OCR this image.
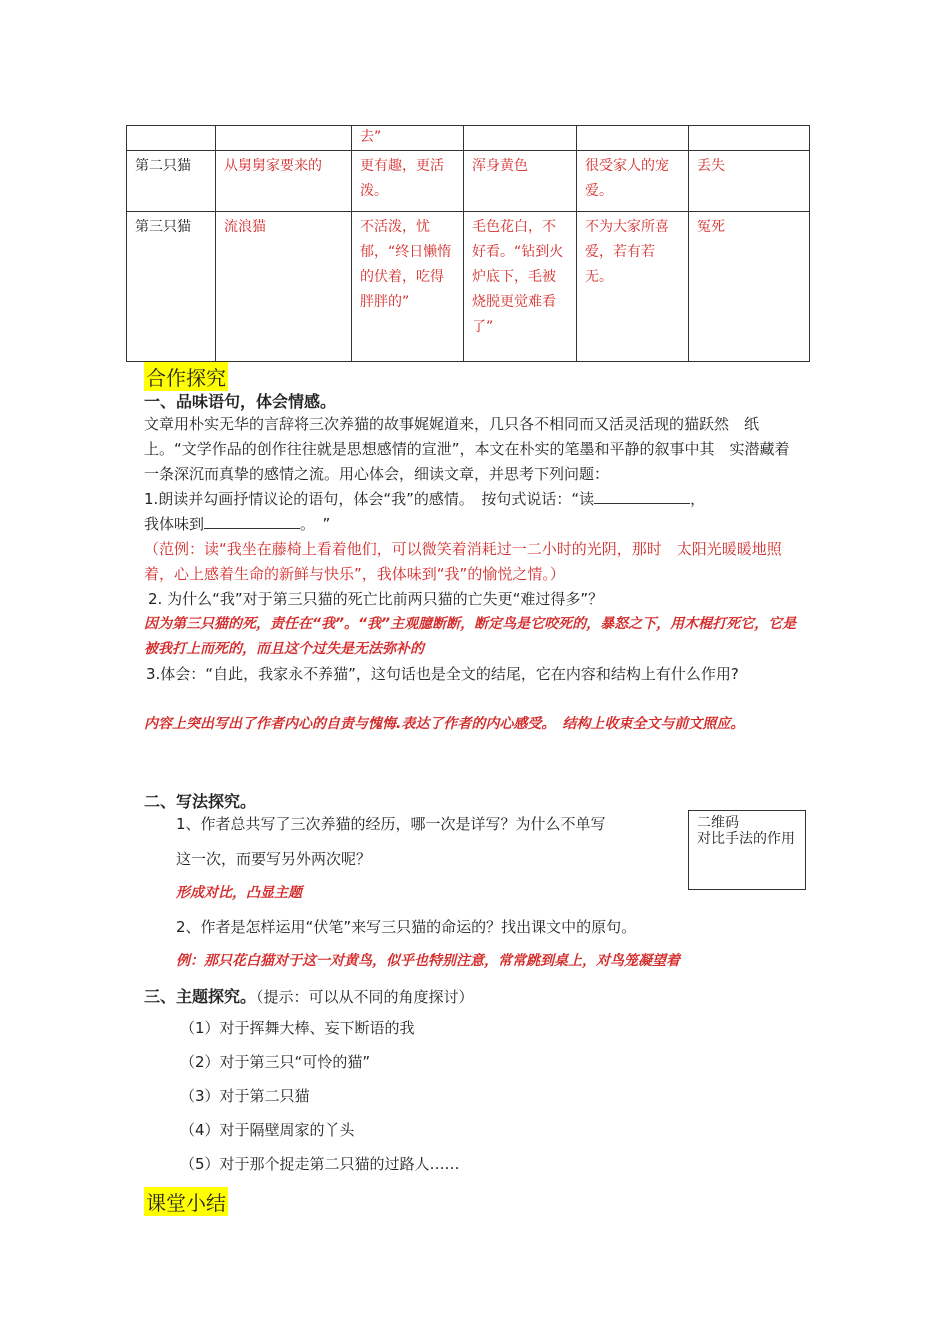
		去”			
第二只猫	从舅舅家要来的	更有趣，更活泼。	浑身黄色	很受家人的宠爱。	丢失
第三只猫	流浪猫	不活泼，忧郁，“终日懒惰的伏着，吃得胖胖的”	毛色花白，不好看。“钻到火炉底下，毛被烧脱更觉难看了”	不为大家所喜爱，若有若无。	冤死
合作探究
一、品味语句，体会情感。
文章用朴实无华的言辞将三次养猫的故事娓娓道来，几只各不相同而又活灵活现的猫跃然　纸上。“文学作品的创作往往就是思想感情的宣泄”，本文在朴实的笔墨和平静的叙事中其　实潜藏着一条深沉而真挚的感情之流。用心体会，细读文章，并思考下列问题：
1.朗读并勾画抒情议论的语句，体会“我”的感情。　按句式说话：“读	，
我体味到	。　”
（范例：读“我坐在藤椅上看着他们，可以微笑着消耗过一二小时的光阴，那时　太阳光暖暖地照着，心上感着生命的新鲜与快乐”，我体味到“我”的愉悦之情。）
2. 为什么“我”对于第三只猫的死亡比前两只猫的亡失更“难过得多”？
因为第三只猫的死，责任在“我”。“我”主观臆断断，断定鸟是它咬死的，暴怒之下，用木棍打死它，它是被我打上而死的，而且这个过失是无法弥补的
3.体会：“自此，我家永不养猫”，这句话也是全文的结尾，它在内容和结构上有什么作用?
内容上突出写出了作者内心的自责与愧悔.表达了作者的内心感受。　结构上收束全文与前文照应。
二、写法探究。
1、作者总共写了三次养猫的经历，哪一次是详写？为什么不单写
这一次，而要写另外两次呢？
形成对比，凸显主题
二维码
对比手法的作用
2、作者是怎样运用“伏笔”来写三只猫的命运的？找出课文中的原句。
例：那只花白猫对于这一对黄鸟，似乎也特别注意，常常跳到桌上，对鸟笼凝望着
三、主题探究。（提示：可以从不同的角度探讨）
（1）对于挥舞大棒、妄下断语的我
（2）对于第三只“可怜的猫”
（3）对于第二只猫
（4）对于隔壁周家的丫头
（5）对于那个捉走第二只猫的过路人……
课堂小结
